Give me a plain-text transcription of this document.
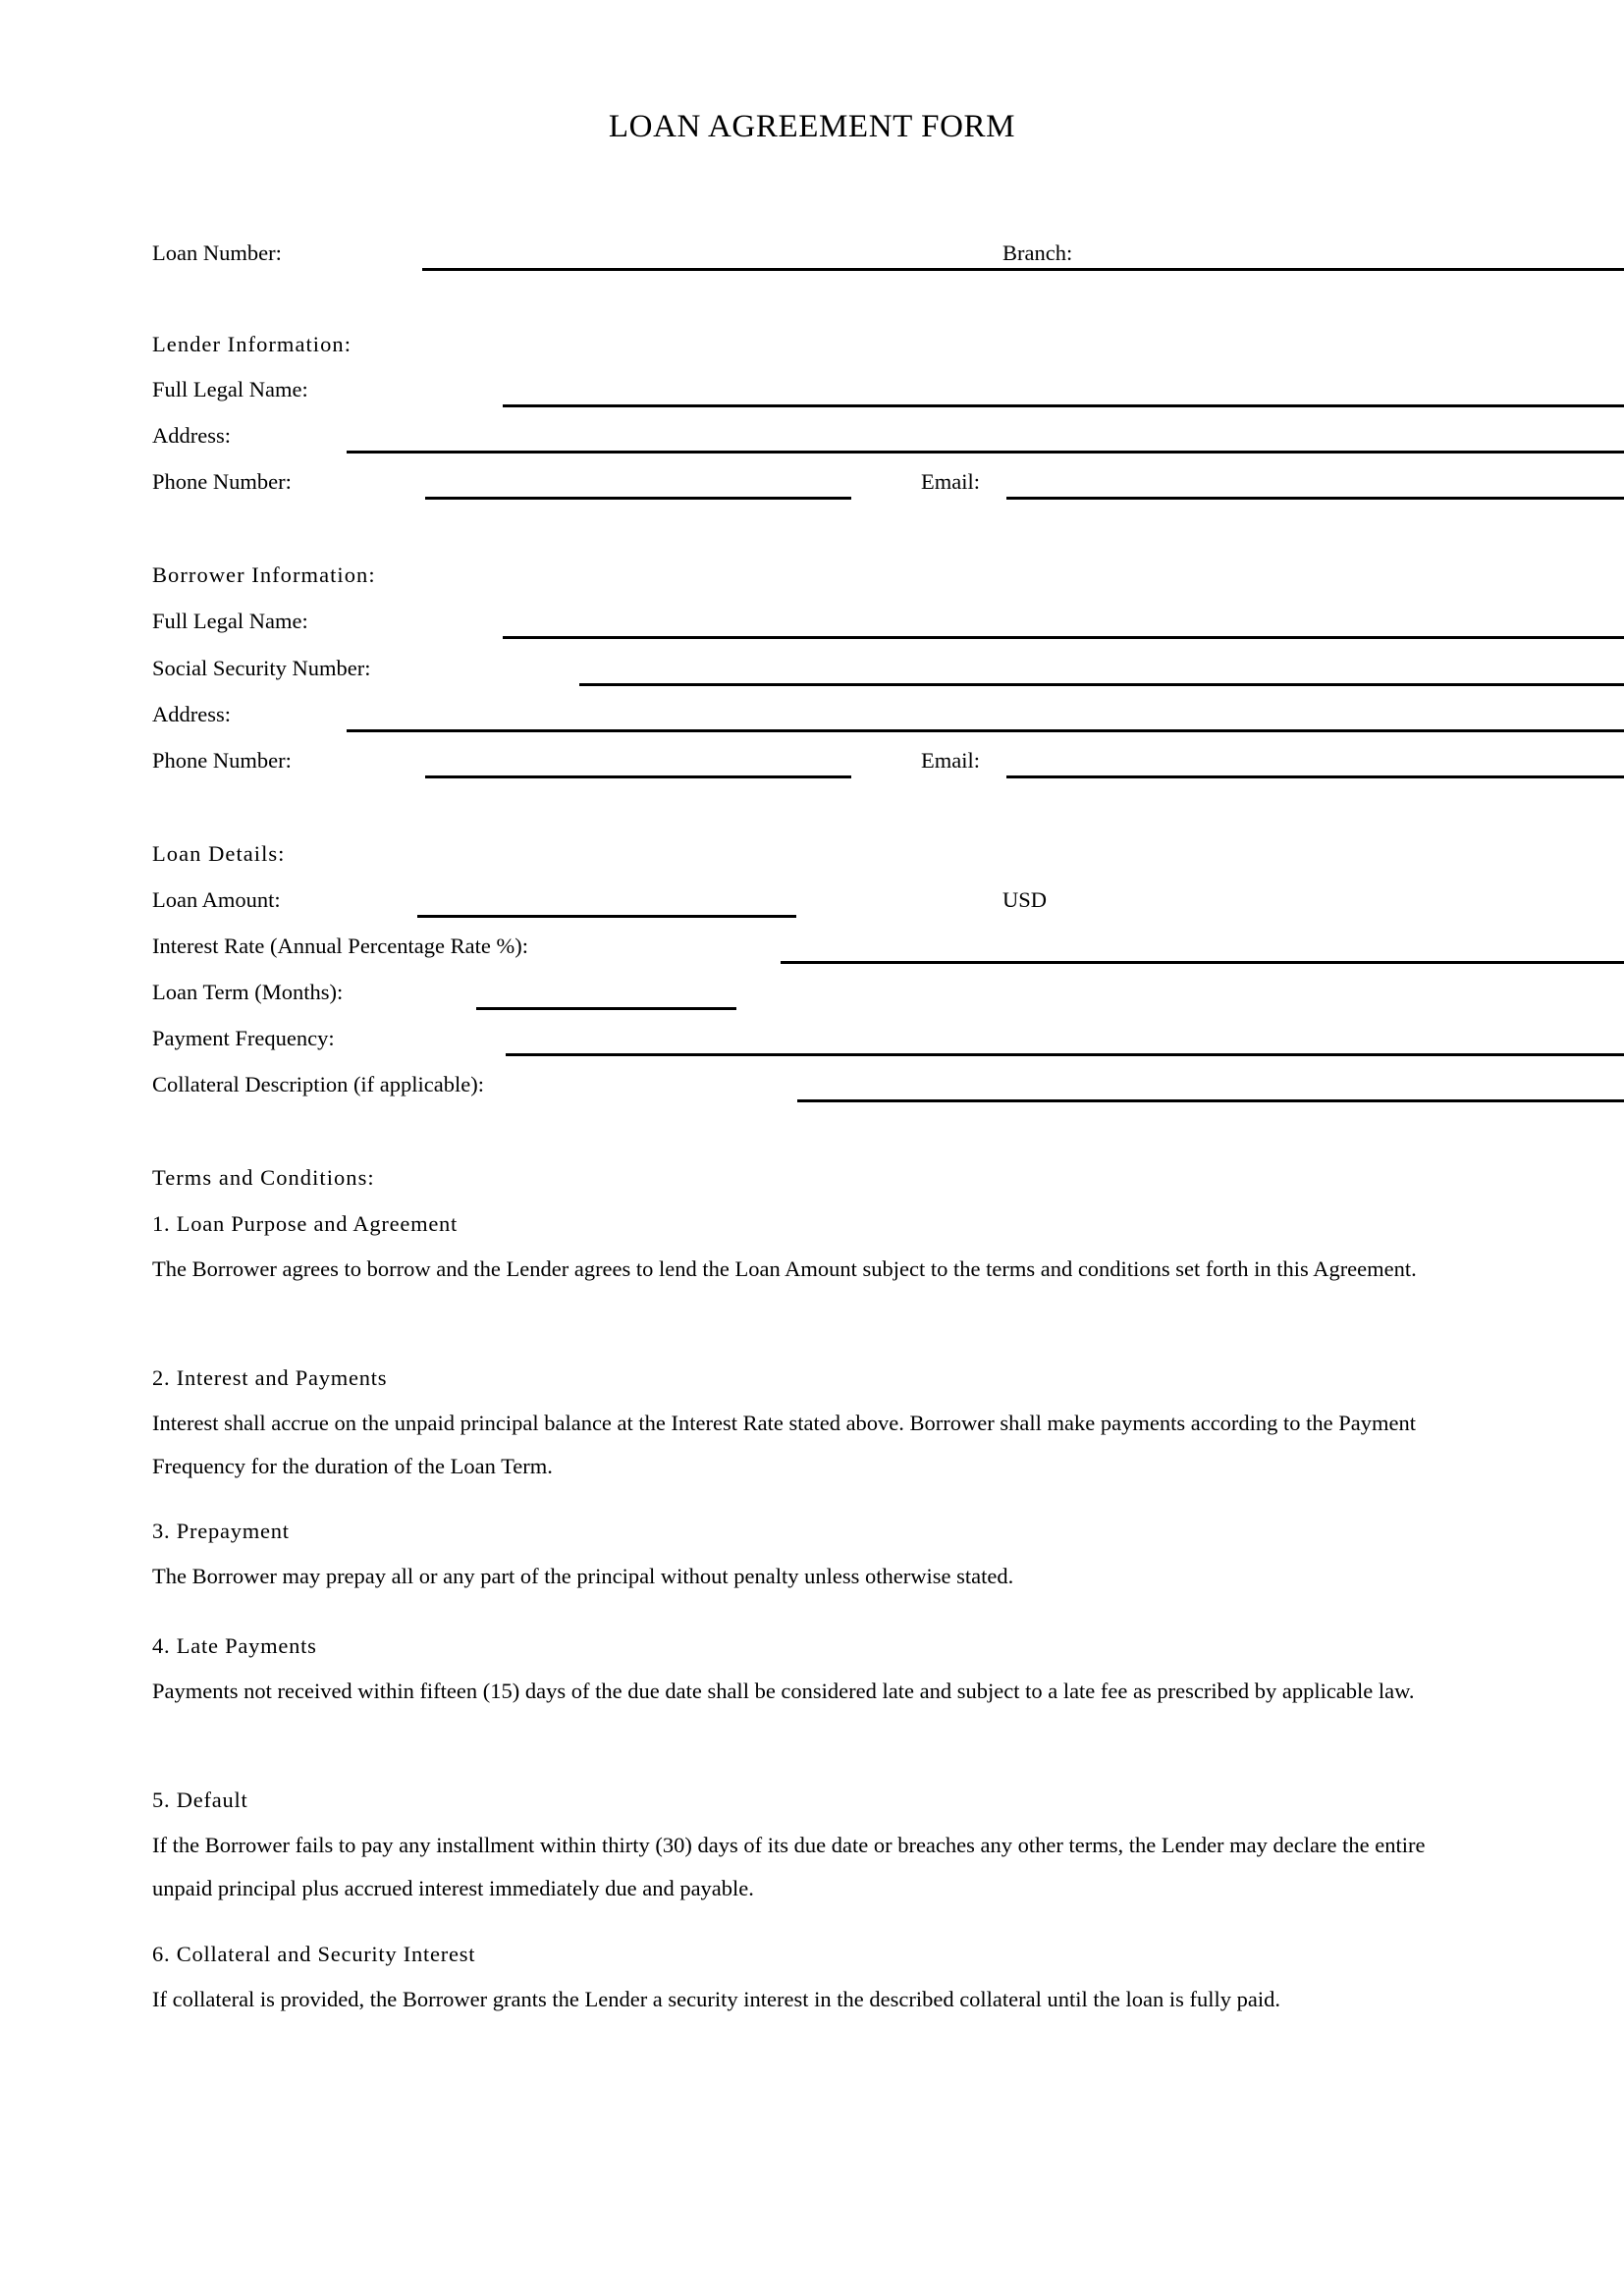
LOAN AGREEMENT FORM
Loan Number:	Branch:
Lender Information:
Full Legal Name:
Address:
Phone Number:	Email:
Borrower Information:
Full Legal Name:
Social Security Number:
Address:
Phone Number:	Email:
Loan Details:
Loan Amount:	USD
Interest Rate (Annual Percentage Rate %):
Loan Term (Months):
Payment Frequency:
Collateral Description (if applicable):
Terms and Conditions:
1. Loan Purpose and Agreement
The Borrower agrees to borrow and the Lender agrees to lend the Loan Amount subject to the terms and conditions set forth in this Agreement.
2. Interest and Payments
Interest shall accrue on the unpaid principal balance at the Interest Rate stated above. Borrower shall make payments according to the Payment Frequency for the duration of the Loan Term.
3. Prepayment
The Borrower may prepay all or any part of the principal without penalty unless otherwise stated.
4. Late Payments
Payments not received within fifteen (15) days of the due date shall be considered late and subject to a late fee as prescribed by applicable law.
5. Default
If the Borrower fails to pay any installment within thirty (30) days of its due date or breaches any other terms, the Lender may declare the entire unpaid principal plus accrued interest immediately due and payable.
6. Collateral and Security Interest
If collateral is provided, the Borrower grants the Lender a security interest in the described collateral until the loan is fully paid.
